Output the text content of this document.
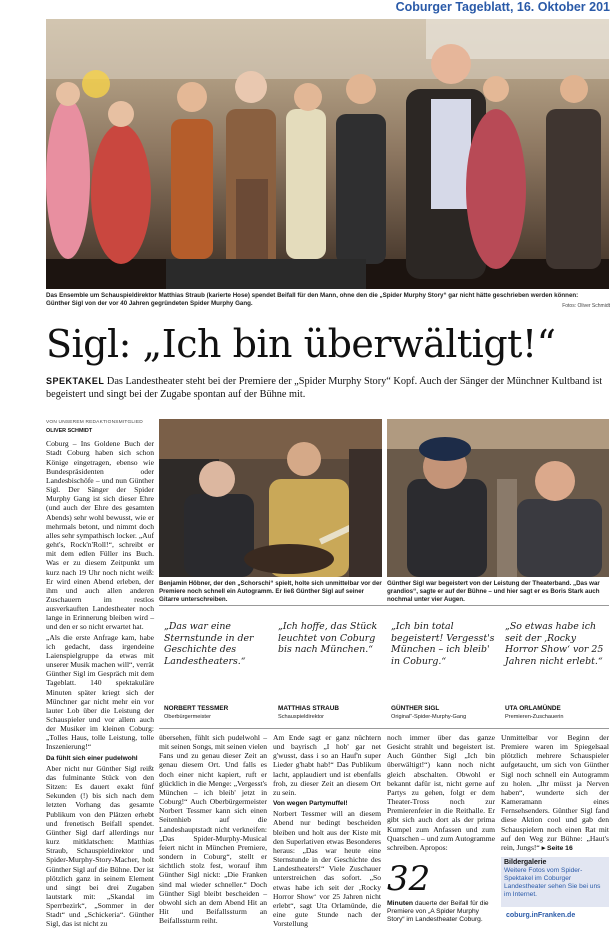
Coburger Tageblatt, 16. Oktober 201
Das Ensemble um Schauspieldirektor Matthias Straub (karierte Hose) spendet Beifall für den Mann, ohne den die „Spider Murphy Story“ gar nicht hätte geschrieben werden können:
Günther Sigl von der vor 40 Jahren gegründeten Spider Murphy Gang.	Fotos: Oliver Schmidt
Sigl: „Ich bin überwältigt!“
SPEKTAKEL Das Landestheater steht bei der Premiere der „Spider Murphy Story“ Kopf. Auch der Sänger der Münchner Kultband ist begeistert und singt bei der Zugabe spontan auf der Bühne mit.
VON UNSEREM REDAKTIONSMITGLIED
OLIVER SCHMIDT

Coburg – Ins Goldene Buch der Stadt Coburg haben sich schon Könige eingetragen, ebenso wie Bundespräsidenten oder Landesbischöfe – und nun Günther Sigl. Der Sänger der Spider Murphy Gang ist sich dieser Ehre (und auch der Ehre des gesamten Abends) sehr wohl bewusst, wie er mehrmals betont, und nimmt doch alles sehr sympathisch locker. „Auf geht's, Rock'n'Roll!“, schreibt er mit dem edlen Füller ins Buch. Was er zu diesem Zeitpunkt um kurz nach 19 Uhr noch nicht weiß: Er wird einen Abend erleben, der ihm und auch allen anderen Zuschauern im restlos ausverkauften Landestheater noch lange in Erinnerung bleiben wird – und den er so nicht erwartet hat.

„Als die erste Anfrage kam, habe ich gedacht, dass irgendeine Laienspielgruppe da etwas mit unserer Musik machen will“, verrät Günther Sigl im Gespräch mit dem Tageblatt. 140 spektakuläre Minuten später kriegt sich der Münchner gar nicht mehr ein vor lauter Lob über die Leistung der Schauspieler und vor allem auch der Musiker im kleinen Coburg: „Tolles Haus, tolle Leistung, tolle Inszenierung!“

Da fühlt sich einer pudelwohl

Aber nicht nur Günther Sigl reißt das fulminante Stück von den Sitzen: Es dauert exakt fünf Sekunden (!) bis sich nach dem letzten Vorhang das gesamte Publikum von den Plätzen erhebt und frenetisch Beifall spendet. Günther Sigl darf allerdings nur kurz mitklatschen: Matthias Straub, Schauspieldirektor und Spider-Murphy-Story-Macher, holt Günther Sigl auf die Bühne. Der ist plötzlich ganz in seinem Element und singt bei drei Zugaben lautstark mit: „Skandal im Sperrbezirk“, „Sommer in der Stadt“ und „Schickeria“. Günther Sigl, das ist nicht zu

Benjamin Höbner, der den „Schorschi“ spielt, holte sich unmittelbar vor der Premiere noch schnell ein Autogramm. Er ließ Günther Sigl auf seiner Gitarre unterschreiben.
Günther Sigl war begeistert von der Leistung der Theaterband. „Das war grandios“, sagte er auf der Bühne – und hier sagt er es Boris Stark auch nochmal unter vier Augen.
„Das war eine Sternstunde in der Geschichte des Landestheaters.“
NORBERT TESSMER
Oberbürgermeister
„Ich hoffe, das Stück leuchtet von Coburg bis nach München.“
MATTHIAS STRAUB
Schauspieldirektor
„Ich bin total begeistert! Vergesst's München – ich bleib' in Coburg.“
GÜNTHER SIGL
Original“-Spider-Murphy-Gang
„So etwas habe ich seit der ‚Rocky Horror Show‘ vor 25 Jahren nicht erlebt.“
UTA ORLAMÜNDE
Premieren-Zuschauerin

übersehen, fühlt sich pudelwohl – mit seinen Songs, mit seinen vielen Fans und zu genau dieser Zeit an genau diesem Ort. Und falls es doch einer nicht kapiert, ruft er glücklich in die Menge: „Vergesst's München – ich bleib' jetzt in Coburg!“ Auch Oberbürgermeister Norbert Tessmer kann sich einen Seitenhieb auf die Landeshauptstadt nicht verkneifen: „Das Spider-Murphy-Musical feiert nicht in München Premiere, sondern in Coburg“, stellt er sichtlich stolz fest, worauf ihm Günther Sigl nickt: „Die Franken sind mal wieder schneller.“ Doch Günther Sigl bleibt bescheiden – obwohl sich an dem Abend Hit an Hit und Beifallssturm an Beifallssturm reiht.

Am Ende sagt er ganz nüchtern und bayrisch „I hob' gar net g'wusst, dass i so an Hauf'n super Lieder g'habt hab!“ Das Publikum lacht, applaudiert und ist ebenfalls froh, zu dieser Zeit an diesem Ort zu sein.

Von wegen Partymuffel!

Norbert Tessmer will an diesem Abend nur bedingt bescheiden bleiben und holt aus der Kiste mit den Superlativen etwas Besonderes heraus: „Das war heute eine Sternstunde in der Geschichte des Landestheaters!“ Viele Zuschauer unterstreichen das sofort. „So etwas habe ich seit der ‚Rocky Horror Show‘ vor 25 Jahren nicht erlebt“, sagt Uta Orlamünde, die eine gute Stunde nach der Vorstellung

noch immer über das ganze Gesicht strahlt und begeistert ist. Auch Günther Sigl „Ich bin überwältigt!“) kann noch nicht gleich abschalten. Obwohl er bekannt dafür ist, nicht gerne auf Partys zu gehen, folgt er dem Theater-Tross noch zur Premierenfeier in die Reithalle. Er gibt sich auch dort als der prima Kumpel zum Anfassen und zum Quatschen – und zum Autogramme schreiben. Apropos:

32
Minuten dauerte der Beifall für die Premiere von „A Spider Murphy Story“ im Landestheater Coburg.
Unmittelbar vor Beginn der Premiere waren im Spiegelsaal plötzlich mehrere Schauspieler aufgetaucht, um sich von Günther Sigl noch schnell ein Autogramm zu holen. „Ihr müsst ja Nerven haben“, wunderte sich der Kameramann eines Fernsehsenders. Günther Sigl fand diese Aktion cool und gab den Schauspielern noch einen Rat mit auf den Weg zur Bühne: „Haut's rein, Jungs!“ ▸ Seite 16
Bildergalerie
Weitere Fotos vom Spider-Spektakel im Coburger Landestheater sehen Sie bei uns im Internet.
coburg.inFranken.de
